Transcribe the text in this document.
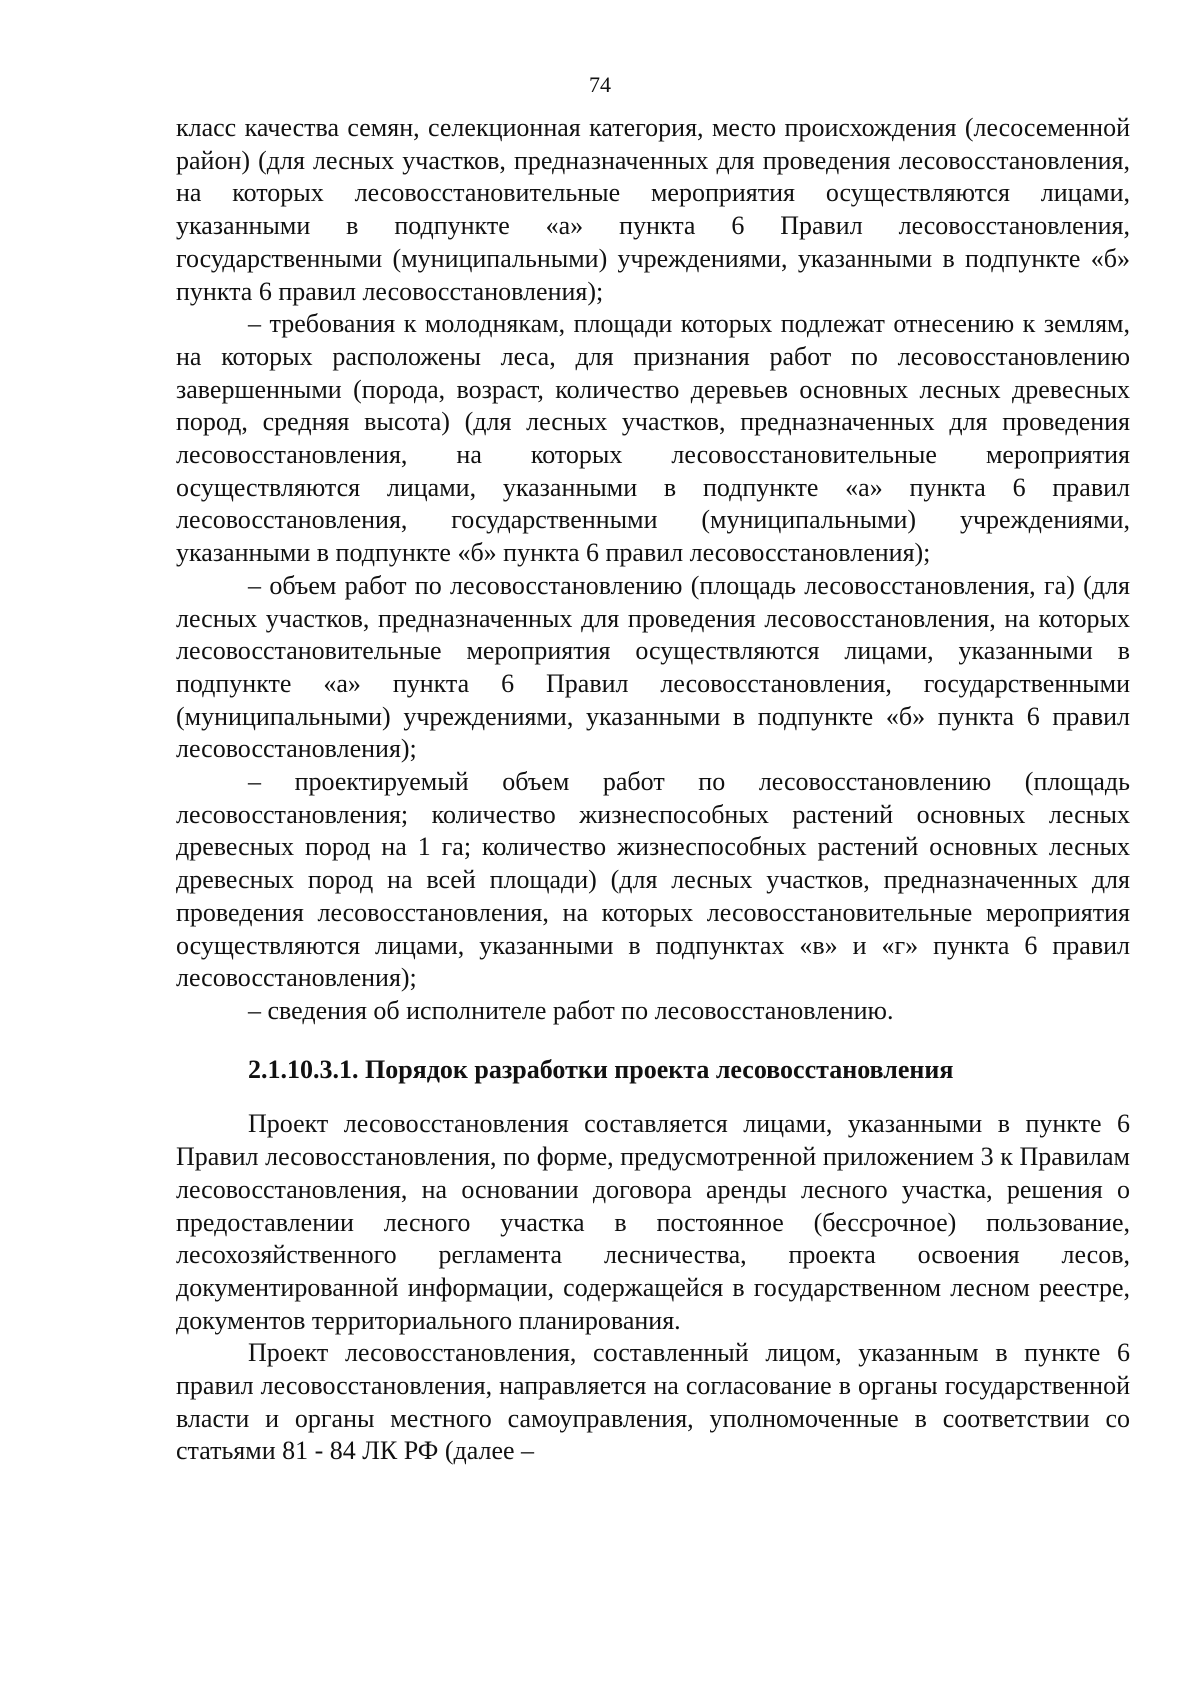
74

класс качества семян, селекционная категория, место происхождения (лесосеменной район) (для лесных участков, предназначенных для проведения лесовосстановления, на которых лесовосстановительные мероприятия осуществляются лицами, указанными в подпункте «а» пункта 6 Правил лесовосстановления, государственными (муниципальными) учреждениями, указанными в подпункте «б» пункта 6 правил лесовосстановления);

– требования к молоднякам, площади которых подлежат отнесению к землям, на которых расположены леса, для признания работ по лесовосстановлению завершенными (порода, возраст, количество деревьев основных лесных древесных пород, средняя высота) (для лесных участков, предназначенных для проведения лесовосстановления, на которых лесовосстановительные мероприятия осуществляются лицами, указанными в подпункте «а» пункта 6 правил лесовосстановления, государственными (муниципальными) учреждениями, указанными в подпункте «б» пункта 6 правил лесовосстановления);

– объем работ по лесовосстановлению (площадь лесовосстановления, га) (для лесных участков, предназначенных для проведения лесовосстановления, на которых лесовосстановительные мероприятия осуществляются лицами, указанными в подпункте «а» пункта 6 Правил лесовосстановления, государственными (муниципальными) учреждениями, указанными в подпункте «б» пункта 6 правил лесовосстановления);

– проектируемый объем работ по лесовосстановлению (площадь лесовосстановления; количество жизнеспособных растений основных лесных древесных пород на 1 га; количество жизнеспособных растений основных лесных древесных пород на всей площади) (для лесных участков, предназначенных для проведения лесовосстановления, на которых лесовосстановительные мероприятия осуществляются лицами, указанными в подпунктах «в» и «г» пункта 6 правил лесовосстановления);

– сведения об исполнителе работ по лесовосстановлению.

2.1.10.3.1. Порядок разработки проекта лесовосстановления

Проект лесовосстановления составляется лицами, указанными в пункте 6 Правил лесовосстановления, по форме, предусмотренной приложением 3 к Правилам лесовосстановления, на основании договора аренды лесного участка, решения о предоставлении лесного участка в постоянное (бессрочное) пользование, лесохозяйственного регламента лесничества, проекта освоения лесов, документированной информации, содержащейся в государственном лесном реестре, документов территориального планирования.

Проект лесовосстановления, составленный лицом, указанным в пункте 6 правил лесовосстановления, направляется на согласование в органы государственной власти и органы местного самоуправления, уполномоченные в соответствии со статьями 81 - 84 ЛК РФ (далее –
